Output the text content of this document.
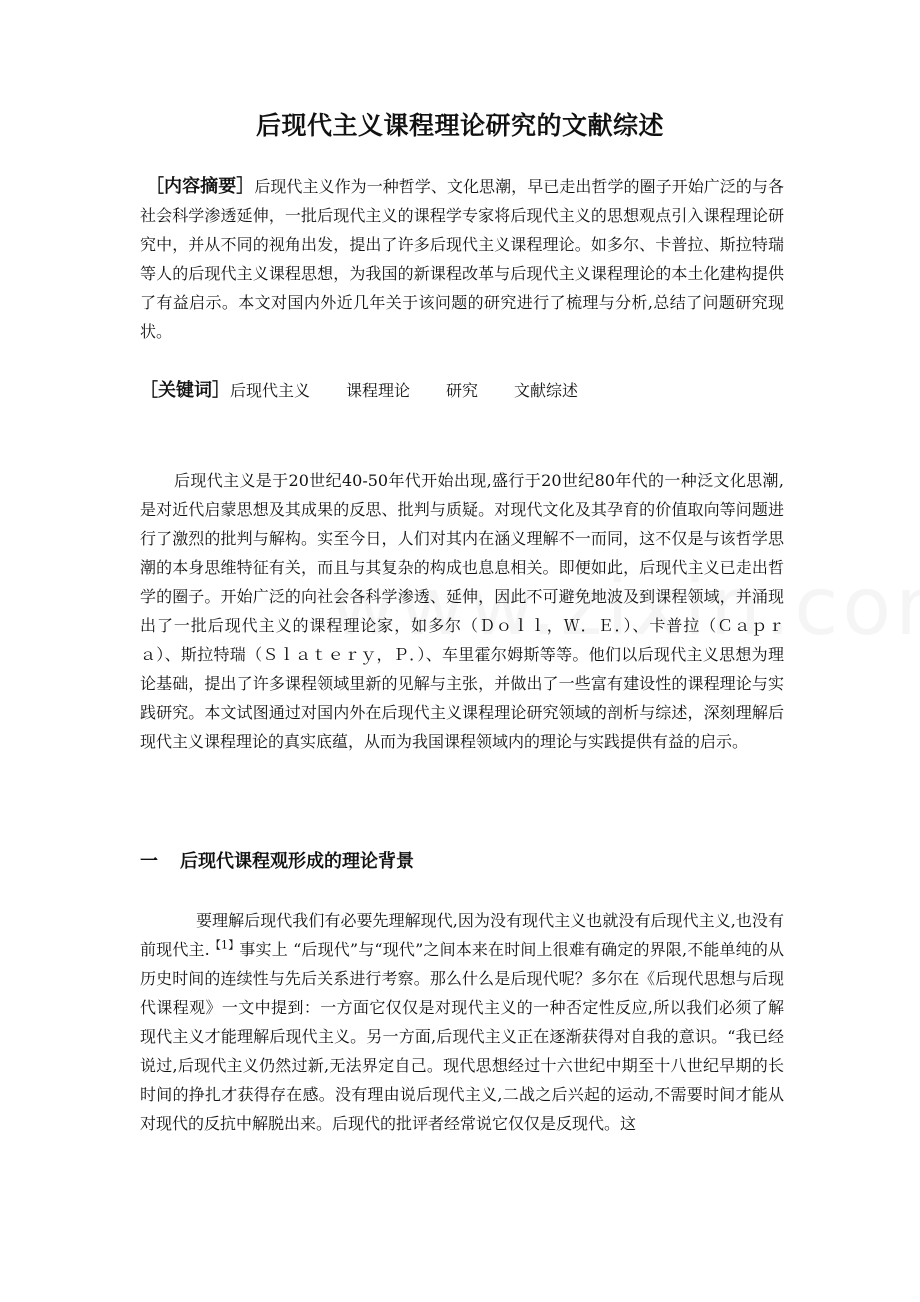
后现代主义课程理论研究的文献综述
［内容摘要］后现代主义作为一种哲学、文化思潮，早已走出哲学的圈子开始广泛的与各社会科学渗透延伸，一批后现代主义的课程学专家将后现代主义的思想观点引入课程理论研究中，并从不同的视角出发，提出了许多后现代主义课程理论。如多尔、卡普拉、斯拉特瑞等人的后现代主义课程思想，为我国的新课程改革与后现代主义课程理论的本土化建构提供了有益启示。本文对国内外近几年关于该问题的研究进行了梳理与分析,总结了问题研究现状。
［关键词］后现代主义 课程理论 研究 文献综述
后现代主义是于20世纪40-50年代开始出现,盛行于20世纪80年代的一种泛文化思潮,是对近代启蒙思想及其成果的反思、批判与质疑。对现代文化及其孕育的价值取向等问题进行了激烈的批判与解构。实至今日，人们对其内在涵义理解不一而同，这不仅是与该哲学思潮的本身思维特征有关，而且与其复杂的构成也息息相关。即便如此，后现代主义已走出哲学的圈子。开始广泛的向社会各科学渗透、延伸，因此不可避免地波及到课程领域，并涌现出了一批后现代主义的课程理论家，如多尔（Ｄｏｌｌ，Ｗ．Ｅ．）、卡普拉（Ｃａｐｒａ）、斯拉特瑞（Ｓｌａｔｅｒｙ，Ｐ．）、车里霍尔姆斯等等。他们以后现代主义思想为理论基础，提出了许多课程领域里新的见解与主张，并做出了一些富有建设性的课程理论与实践研究。本文试图通过对国内外在后现代主义课程理论研究领域的剖析与综述，深刻理解后现代主义课程理论的真实底蕴，从而为我国课程领域内的理论与实践提供有益的启示。
一 后现代课程观形成的理论背景
要理解后现代我们有必要先理解现代,因为没有现代主义也就没有后现代主义,也没有前现代主.$^{【1】}$事实上 “后现代”与“现代”之间本来在时间上很难有确定的界限,不能单纯的从历史时间的连续性与先后关系进行考察。那么什么是后现代呢？多尔在《后现代思想与后现代课程观》一文中提到：一方面它仅仅是对现代主义的一种否定性反应,所以我们必须了解现代主义才能理解后现代主义。另一方面,后现代主义正在逐渐获得对自我的意识。“我已经说过,后现代主义仍然过新,无法界定自己。现代思想经过十六世纪中期至十八世纪早期的长时间的挣扎才获得存在感。没有理由说后现代主义,二战之后兴起的运动,不需要时间才能从对现代的反抗中解脱出来。后现代的批评者经常说它仅仅是反现代。这
